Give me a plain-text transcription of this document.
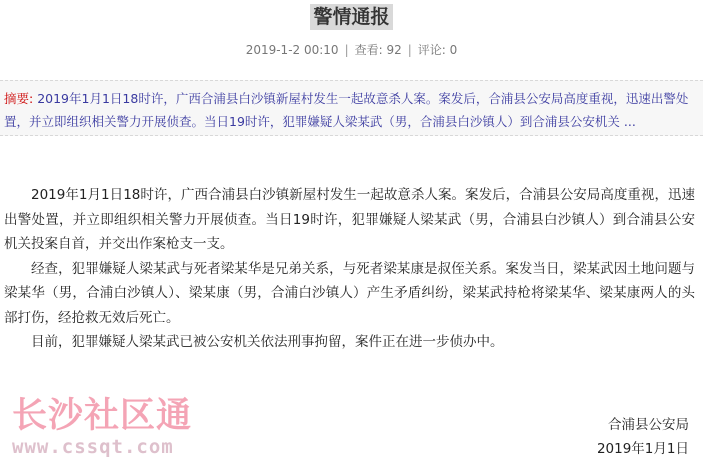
警情通报
2019-1-2 00:10 | 查看: 92 | 评论: 0
摘要: 2019年1月1日18时许，广西合浦县白沙镇新屋村发生一起故意杀人案。案发后，合浦县公安局高度重视，迅速出警处置，并立即组织相关警力开展侦查。当日19时许，犯罪嫌疑人梁某武（男，合浦县白沙镇人）到合浦县公安机关 ...

2019年1月1日18时许，广西合浦县白沙镇新屋村发生一起故意杀人案。案发后，合浦县公安局高度重视，迅速出警处置，并立即组织相关警力开展侦查。当日19时许，犯罪嫌疑人梁某武（男，合浦县白沙镇人）到合浦县公安机关投案自首，并交出作案枪支一支。

经查，犯罪嫌疑人梁某武与死者梁某华是兄弟关系，与死者梁某康是叔侄关系。案发当日，梁某武因土地问题与梁某华（男，合浦白沙镇人）、梁某康（男，合浦白沙镇人）产生矛盾纠纷，梁某武持枪将梁某华、梁某康两人的头部打伤，经抢救无效后死亡。

目前，犯罪嫌疑人梁某武已被公安机关依法刑事拘留，案件正在进一步侦办中。

长沙社区通
www.cssqt.com
合浦县公安局
2019年1月1日
